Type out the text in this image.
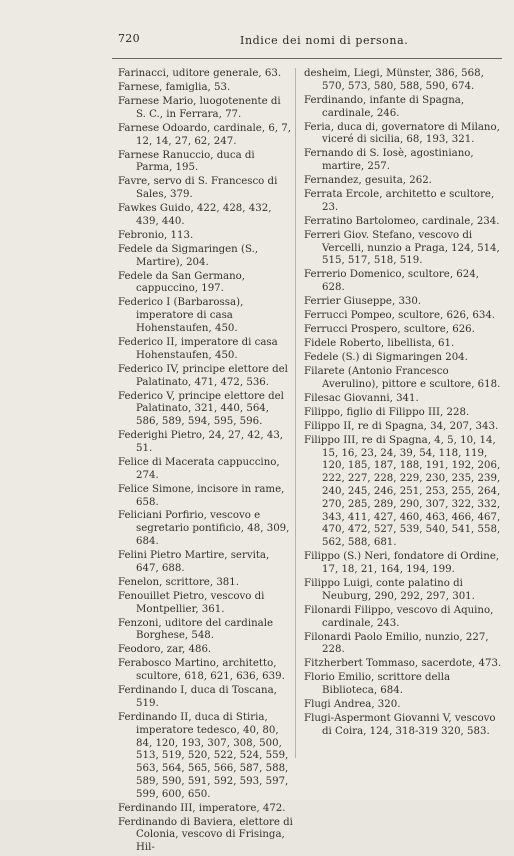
720	Indice dei nomi di persona.

Farinacci, uditore generale, 63.

Farnese, famiglia, 53.

Farnese Mario, luogotenente di S. C., in Ferrara, 77.

Farnese Odoardo, cardinale, 6, 7, 12, 14, 27, 62, 247.

Farnese Ranuccio, duca di Parma, 195.

Favre, servo di S. Francesco di Sales, 379.

Fawkes Guido, 422, 428, 432, 439, 440.

Febronio, 113.

Fedele da Sigmaringen (S., Martire), 204.

Fedele da San Germano, cappuccino, 197.

Federico I (Barbarossa), imperatore di casa Hohenstaufen, 450.

Federico II, imperatore di casa Hohenstaufen, 450.

Federico IV, principe elettore del Palatinato, 471, 472, 536.

Federico V, principe elettore del Palatinato, 321, 440, 564, 586, 589, 594, 595, 596.

Federighi Pietro, 24, 27, 42, 43, 51.

Felice di Macerata cappuccino, 274.

Felice Simone, incisore in rame, 658.

Feliciani Porfirio, vescovo e segretario pontificio, 48, 309, 684.

Felini Pietro Martire, servita, 647, 688.

Fenelon, scrittore, 381.

Fenouillet Pietro, vescovo di Montpellier, 361.

Fenzoni, uditore del cardinale Borghese, 548.

Feodoro, zar, 486.

Ferabosco Martino, architetto, scultore, 618, 621, 636, 639.

Ferdinando I, duca di Toscana, 519.

Ferdinando II, duca di Stiria, imperatore tedesco, 40, 80, 84, 120, 193, 307, 308, 500, 513, 519, 520, 522, 524, 559, 563, 564, 565, 566, 587, 588, 589, 590, 591, 592, 593, 597, 599, 600, 650.

Ferdinando III, imperatore, 472.

Ferdinando di Baviera, elettore di Colonia, vescovo di Frisinga, Hil-

desheim, Liegi, Münster, 386, 568, 570, 573, 580, 588, 590, 674.

Ferdinando, infante di Spagna, cardinale, 246.

Feria, duca di, governatore di Milano, viceré di sicilia, 68, 193, 321.

Fernando di S. Iosè, agostiniano, martire, 257.

Fernandez, gesuita, 262.

Ferrata Ercole, architetto e scultore, 23.

Ferratino Bartolomeo, cardinale, 234.

Ferreri Giov. Stefano, vescovo di Vercelli, nunzio a Praga, 124, 514, 515, 517, 518, 519.

Ferrerio Domenico, scultore, 624, 628.

Ferrier Giuseppe, 330.

Ferrucci Pompeo, scultore, 626, 634.

Ferrucci Prospero, scultore, 626.

Fidele Roberto, libellista, 61.

Fedele (S.) di Sigmaringen 204.

Filarete (Antonio Francesco Averulino), pittore e scultore, 618.

Filesac Giovanni, 341.

Filippo, figlio di Filippo III, 228.

Filippo II, re di Spagna, 34, 207, 343.

Filippo III, re di Spagna, 4, 5, 10, 14, 15, 16, 23, 24, 39, 54, 118, 119, 120, 185, 187, 188, 191, 192, 206, 222, 227, 228, 229, 230, 235, 239, 240, 245, 246, 251, 253, 255, 264, 270, 285, 289, 290, 307, 322, 332, 343, 411, 427, 460, 463, 466, 467, 470, 472, 527, 539, 540, 541, 558, 562, 588, 681.

Filippo (S.) Neri, fondatore di Ordine, 17, 18, 21, 164, 194, 199.

Filippo Luigi, conte palatino di Neuburg, 290, 292, 297, 301.

Filonardi Filippo, vescovo di Aquino, cardinale, 243.

Filonardi Paolo Emilio, nunzio, 227, 228.

Fitzherbert Tommaso, sacerdote, 473.

Florio Emilio, scrittore della Biblioteca, 684.

Flugi Andrea, 320.

Flugi-Aspermont Giovanni V, vescovo di Coira, 124, 318-319 320, 583.
